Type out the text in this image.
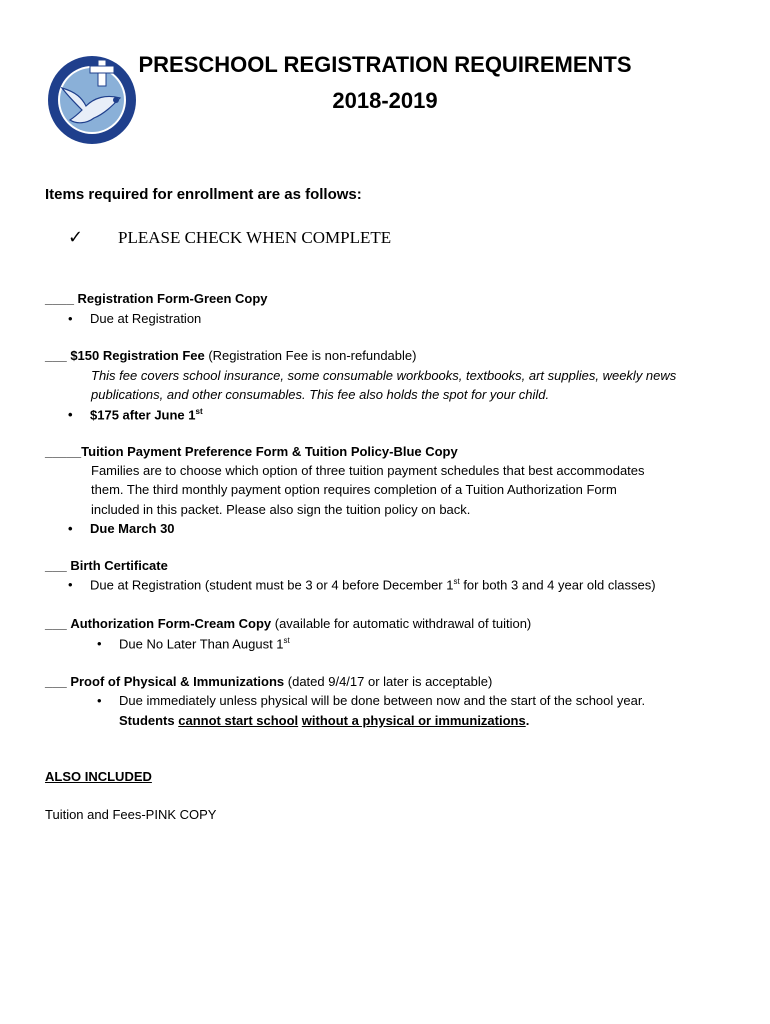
PRESCHOOL REGISTRATION REQUIREMENTS
2018-2019
Items required for enrollment are as follows:
✓ PLEASE CHECK WHEN COMPLETE
____ Registration Form-Green Copy
• Due at Registration
___ $150 Registration Fee (Registration Fee is non-refundable)
This fee covers school insurance, some consumable workbooks, textbooks, art supplies, weekly news
publications, and other consumables. This fee also holds the spot for your child.
• $175 after June 1st
_____Tuition Payment Preference Form & Tuition Policy-Blue Copy
Families are to choose which option of three tuition payment schedules that best accommodates
them. The third monthly payment option requires completion of a Tuition Authorization Form
included in this packet. Please also sign the tuition policy on back.
• Due March 30
___ Birth Certificate
• Due at Registration (student must be 3 or 4 before December 1st for both 3 and 4 year old classes)
___ Authorization Form-Cream Copy (available for automatic withdrawal of tuition)
• Due No Later Than August 1st
___ Proof of Physical & Immunizations (dated 9/4/17 or later is acceptable)
• Due immediately unless physical will be done between now and the start of the school year.
Students cannot start school without a physical or immunizations.
ALSO INCLUDED
Tuition and Fees-PINK COPY
